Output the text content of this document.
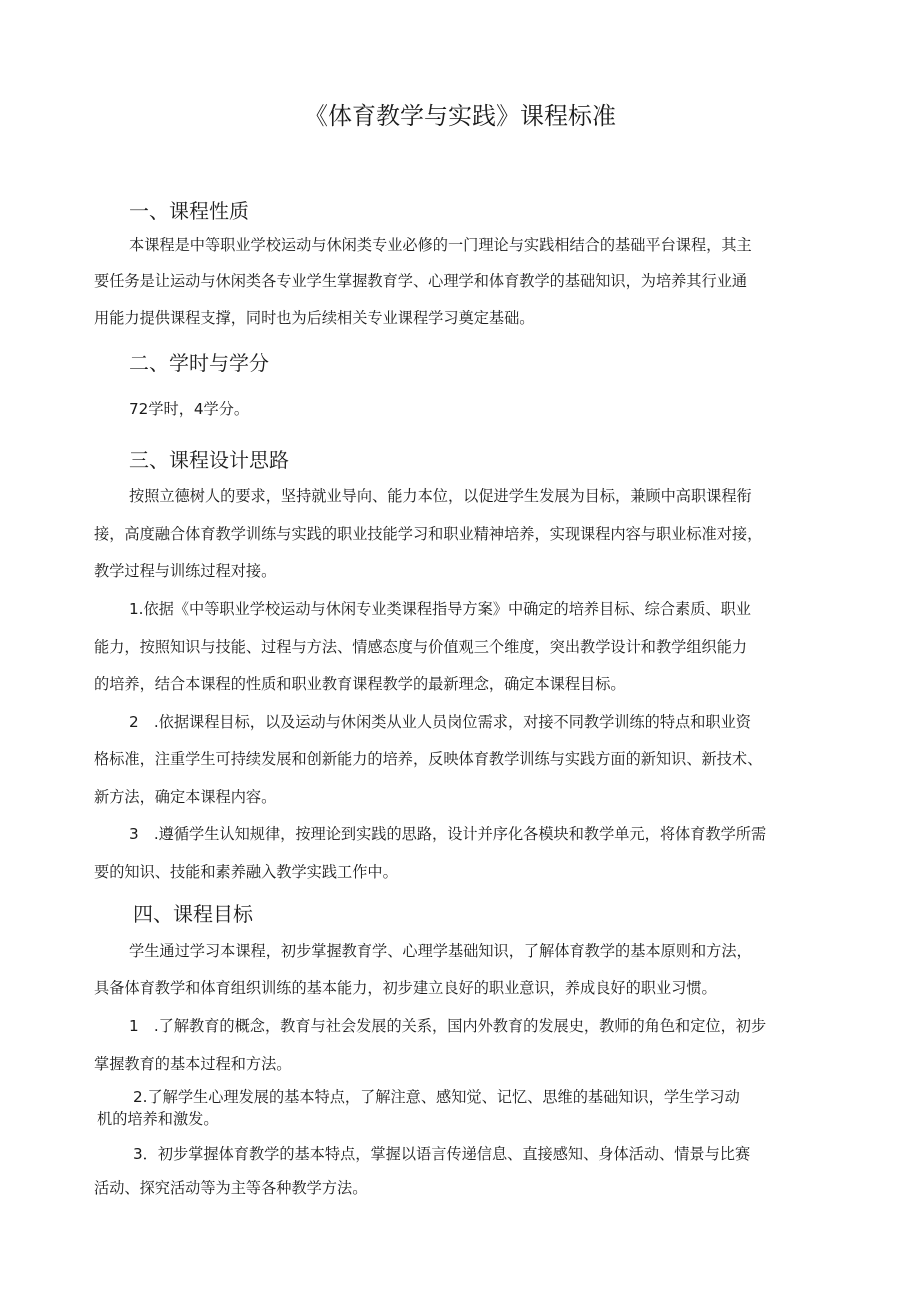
《体育教学与实践》课程标准
一、课程性质
本课程是中等职业学校运动与休闲类专业必修的一门理论与实践相结合的基础平台课程，其主
要任务是让运动与休闲类各专业学生掌握教育学、心理学和体育教学的基础知识，为培养其行业通
用能力提供课程支撑，同时也为后续相关专业课程学习奠定基础。
二、学时与学分
72学时，4学分。
三、课程设计思路
按照立德树人的要求，坚持就业导向、能力本位，以促进学生发展为目标，兼顾中高职课程衔
接，高度融合体育教学训练与实践的职业技能学习和职业精神培养，实现课程内容与职业标准对接，
教学过程与训练过程对接。
1.依据《中等职业学校运动与休闲专业类课程指导方案》中确定的培养目标、综合素质、职业
能力，按照知识与技能、过程与方法、情感态度与价值观三个维度，突出教学设计和教学组织能力
的培养，结合本课程的性质和职业教育课程教学的最新理念，确定本课程目标。
2　.依据课程目标，以及运动与休闲类从业人员岗位需求，对接不同教学训练的特点和职业资
格标准，注重学生可持续发展和创新能力的培养，反映体育教学训练与实践方面的新知识、新技术、
新方法，确定本课程内容。
3　.遵循学生认知规律，按理论到实践的思路，设计并序化各模块和教学单元，将体育教学所需
要的知识、技能和素养融入教学实践工作中。
四、课程目标
学生通过学习本课程，初步掌握教育学、心理学基础知识，了解体育教学的基本原则和方法，
具备体育教学和体育组织训练的基本能力，初步建立良好的职业意识，养成良好的职业习惯。
1　.了解教育的概念，教育与社会发展的关系，国内外教育的发展史，教师的角色和定位，初步
掌握教育的基本过程和方法。
2.了解学生心理发展的基本特点，了解注意、感知觉、记忆、思维的基础知识，学生学习动
机的培养和激发。
3．初步掌握体育教学的基本特点，掌握以语言传递信息、直接感知、身体活动、情景与比赛
活动、探究活动等为主等各种教学方法。
